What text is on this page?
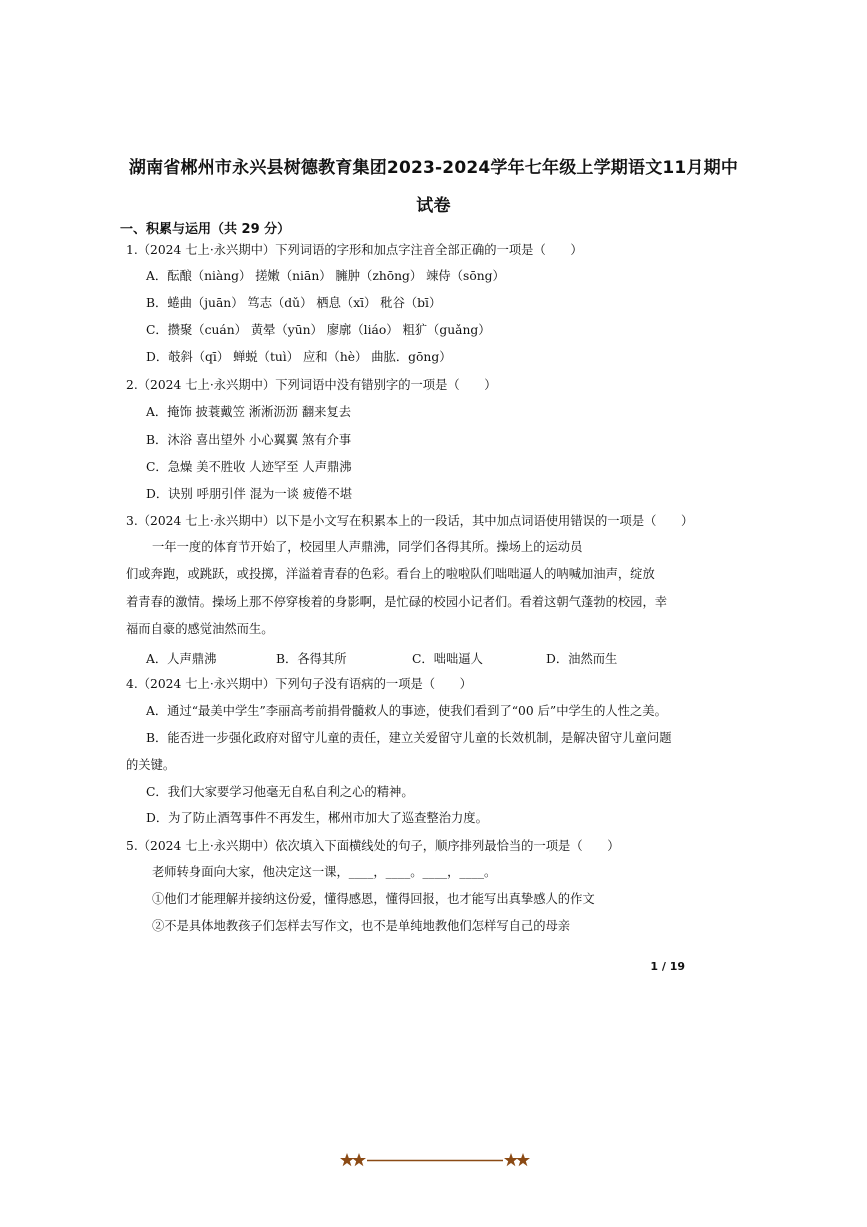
湖南省郴州市永兴县树德教育集团2023-2024学年七年级上学期语文11月期中
试卷
一、积累与运用（共 29 分）
1.（2024 七上·永兴期中）下列词语的字形和加点字注音全部正确的一项是（　　）
A．酝酿（niàng） 搓嫩（niān） 臃肿（zhōng） 竦侍（sōng）
B．蜷曲（juān） 笃志（dǔ） 栖息（xī） 秕谷（bī）
C．攒聚（cuán） 黄晕（yūn） 廖廓（liáo） 粗犷（guǎng）
D．攲斜（qī） 蝉蜕（tuì） 应和（hè） 曲肱．gōng）
2.（2024 七上·永兴期中）下列词语中没有错别字的一项是（　　）
A．掩饰 披蓑戴笠 淅淅沥沥 翻来复去
B．沐浴 喜出望外 小心翼翼 煞有介事
C．急燥 美不胜收 人迹罕至 人声鼎沸
D．诀别 呼朋引伴 混为一谈 疲倦不堪
3.（2024 七上·永兴期中）以下是小文写在积累本上的一段话，其中加点词语使用错误的一项是（　　）
一年一度的体育节开始了，校园里人声鼎沸，同学们各得其所。操场上的运动员
们或奔跑，或跳跃，或投掷，洋溢着青春的色彩。看台上的啦啦队们咄咄逼人的呐喊加油声，绽放
着青春的激情。操场上那不停穿梭着的身影啊，是忙碌的校园小记者们。看着这朝气蓬勃的校园，幸
福而自豪的感觉油然而生。
A．人声鼎沸	B．各得其所	C．咄咄逼人	D．油然而生
4.（2024 七上·永兴期中）下列句子没有语病的一项是（　　）
A．通过“最美中学生”李丽高考前捐骨髓救人的事迹，使我们看到了“00 后”中学生的人性之美。
B．能否进一步强化政府对留守儿童的责任，建立关爱留守儿童的长效机制，是解决留守儿童问题
的关键。
C．我们大家要学习他毫无自私自利之心的精神。
D．为了防止酒驾事件不再发生，郴州市加大了巡查整治力度。
5.（2024 七上·永兴期中）依次填入下面横线处的句子，顺序排列最恰当的一项是（　　）
老师转身面向大家，他决定这一课，____，____。____，____。
①他们才能理解并接纳这份爱，懂得感恩，懂得回报，也才能写出真挚感人的作文
②不是具体地教孩子们怎样去写作文，也不是单纯地教他们怎样写自己的母亲
1 / 19
